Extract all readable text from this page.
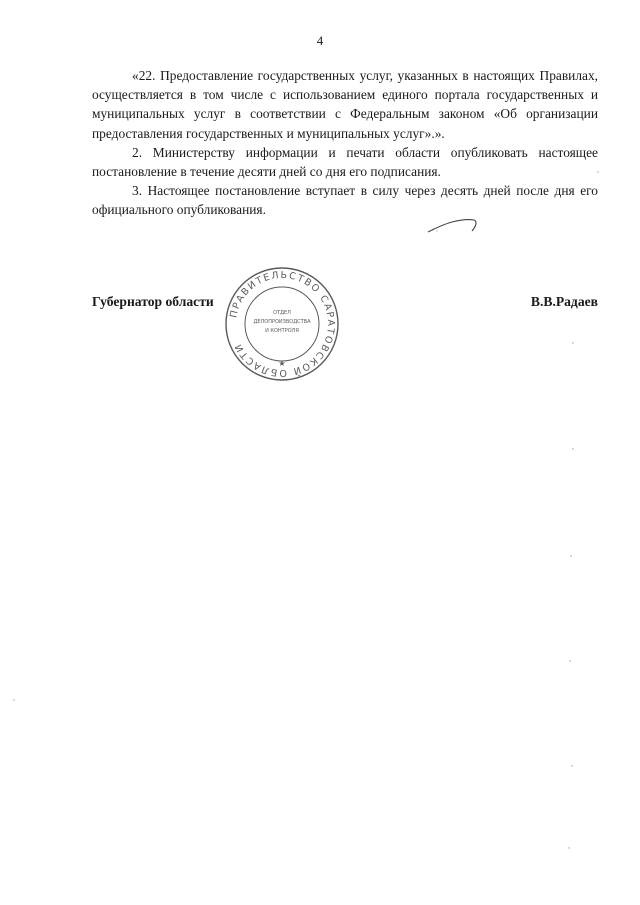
4

«22. Предоставление государственных услуг, указанных в настоящих Правилах, осуществляется в том числе с использованием единого портала государственных и муниципальных услуг в соответствии с Федеральным законом «Об организации предоставления государственных и муниципальных услуг».».

2. Министерству информации и печати области опубликовать настоящее постановление в течение десяти дней со дня его подписания.

3. Настоящее постановление вступает в силу через десять дней после дня его официального опубликования.

Губернатор области	В.В.Радаев
ПРАВИТЕЛЬСТВО САРАТОВСКОЙ ОБЛАСТИ
ОТДЕЛ
ДЕЛОПРОИЗВОДСТВА
И КОНТРОЛЯ
★
